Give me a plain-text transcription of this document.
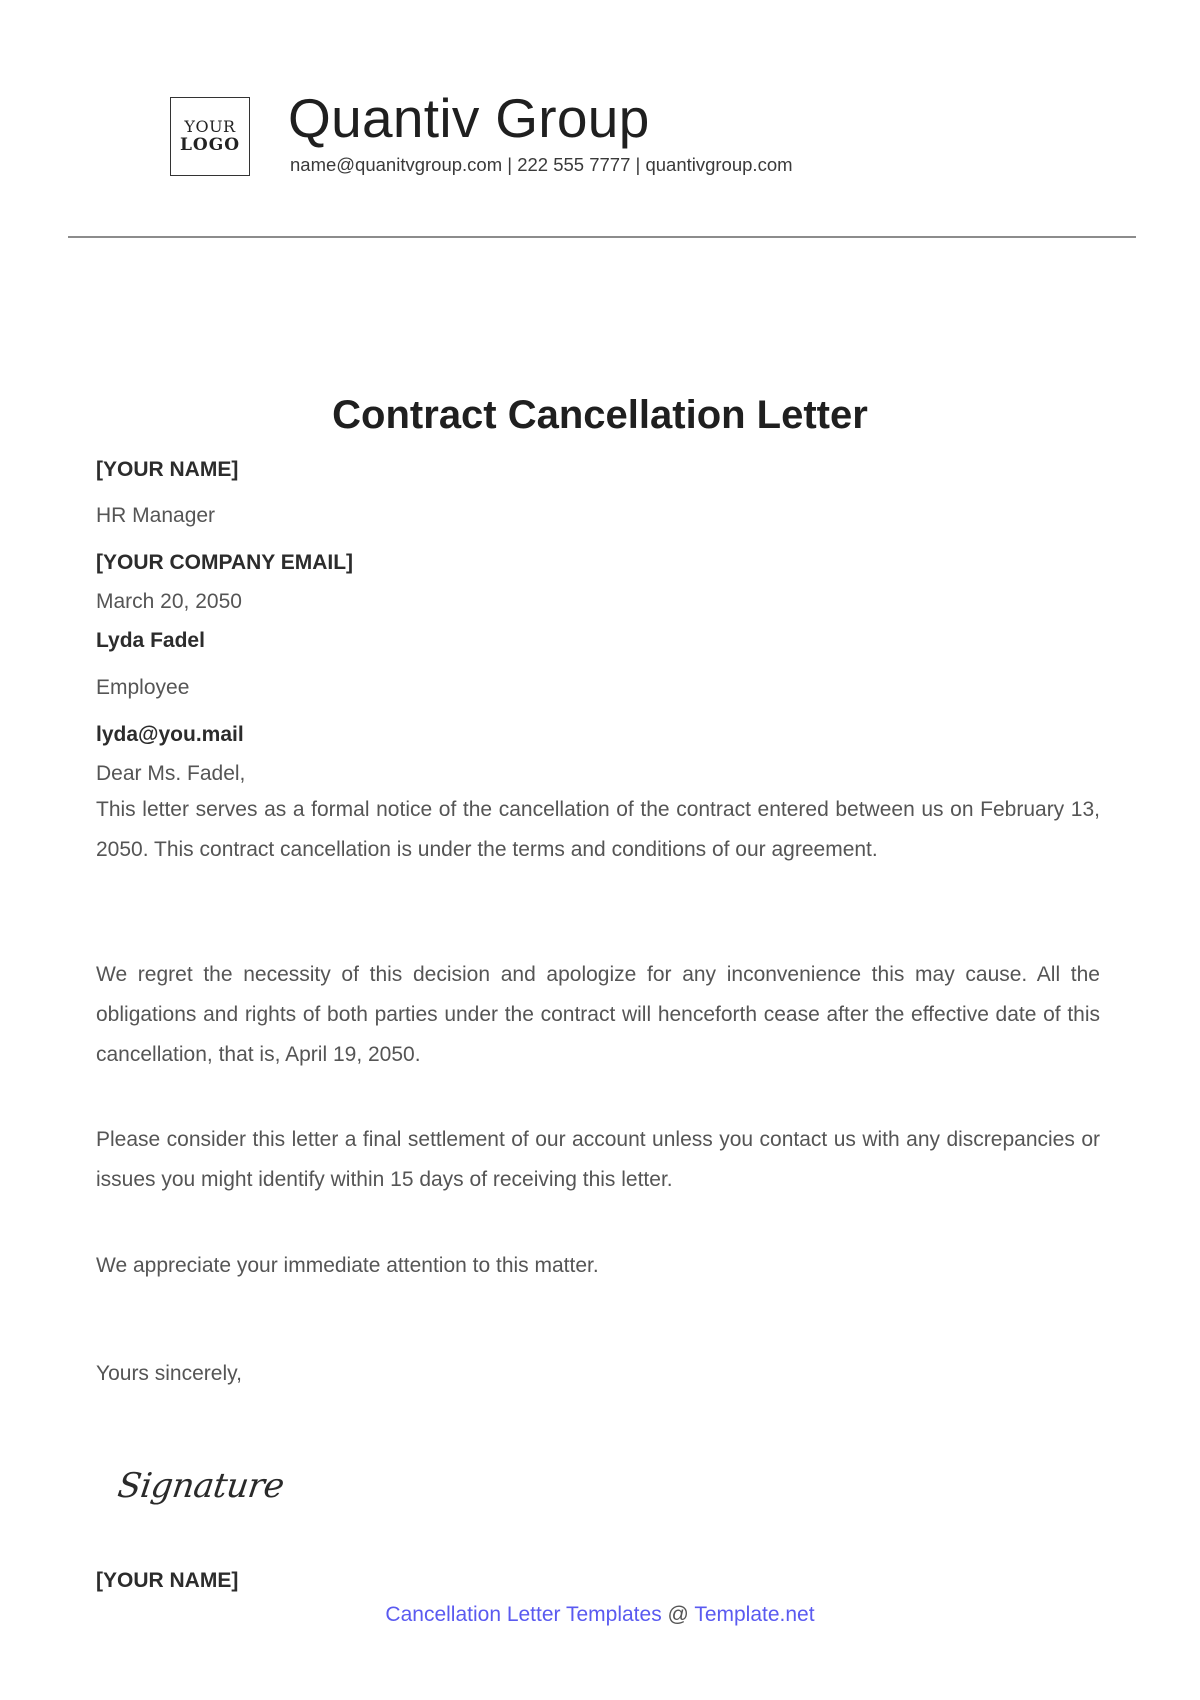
YOUR
LOGO Quantiv Group
name@quanitvgroup.com | 222 555 7777 | quantivgroup.com
Contract Cancellation Letter
[YOUR NAME]
HR Manager
[YOUR COMPANY EMAIL]
March 20, 2050
Lyda Fadel
Employee
lyda@you.mail
Dear Ms. Fadel,

This letter serves as a formal notice of the cancellation of the contract entered between us on February 13, 2050. This contract cancellation is under the terms and conditions of our agreement.

We regret the necessity of this decision and apologize for any inconvenience this may cause. All the obligations and rights of both parties under the contract will henceforth cease after the effective date of this cancellation, that is, April 19, 2050.

Please consider this letter a final settlement of our account unless you contact us with any discrepancies or issues you might identify within 15 days of receiving this letter.

We appreciate your immediate attention to this matter.

Yours sincerely,
Signature
[YOUR NAME]
Cancellation Letter Templates @ Template.net
